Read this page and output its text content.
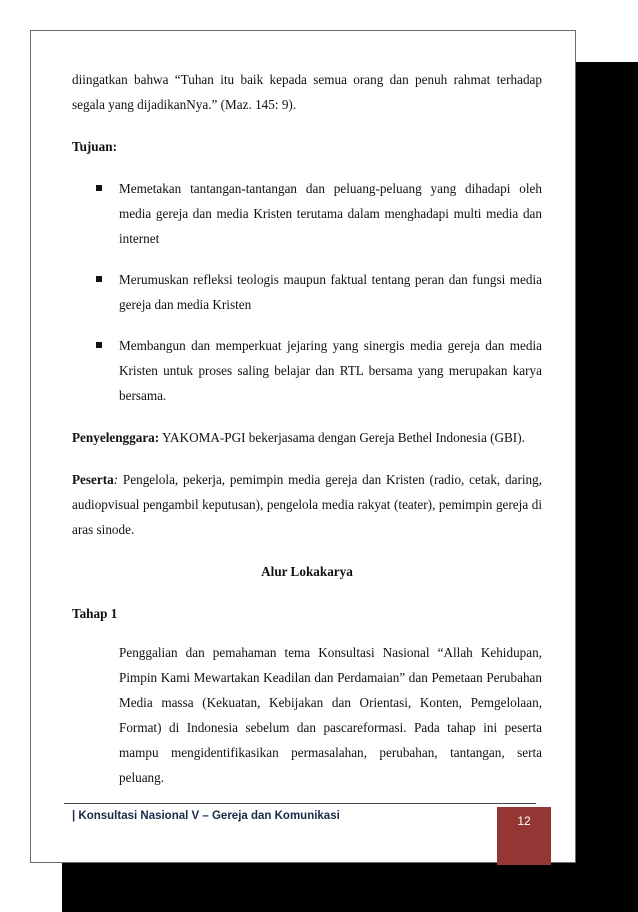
diingatkan bahwa “Tuhan itu baik kepada semua orang dan penuh rahmat terhadap segala yang dijadikanNya.” (Maz. 145: 9).

Tujuan:

Memetakan tantangan-tantangan dan peluang-peluang yang dihadapi oleh media gereja dan media Kristen terutama dalam menghadapi multi media dan internet
Merumuskan refleksi teologis maupun faktual tentang peran dan fungsi media gereja dan media Kristen
Membangun dan memperkuat jejaring yang sinergis media gereja dan media Kristen untuk proses saling belajar dan RTL bersama yang merupakan karya bersama.

Penyelenggara: YAKOMA-PGI bekerjasama dengan Gereja Bethel Indonesia (GBI).

Peserta: Pengelola, pekerja, pemimpin media gereja dan Kristen (radio, cetak, daring, audiopvisual pengambil keputusan), pengelola media rakyat (teater), pemimpin gereja di aras sinode.

Alur Lokakarya

Tahap 1

Penggalian dan pemahaman tema Konsultasi Nasional “Allah Kehidupan, Pimpin Kami Mewartakan Keadilan dan Perdamaian” dan Pemetaan Perubahan Media massa (Kekuatan, Kebijakan dan Orientasi, Konten, Pemgelolaan, Format) di Indonesia sebelum dan pascareformasi. Pada tahap ini peserta mampu mengidentifikasikan permasalahan, perubahan, tantangan, serta peluang.

| Konsultasi Nasional V – Gereja dan Komunikasi	12
